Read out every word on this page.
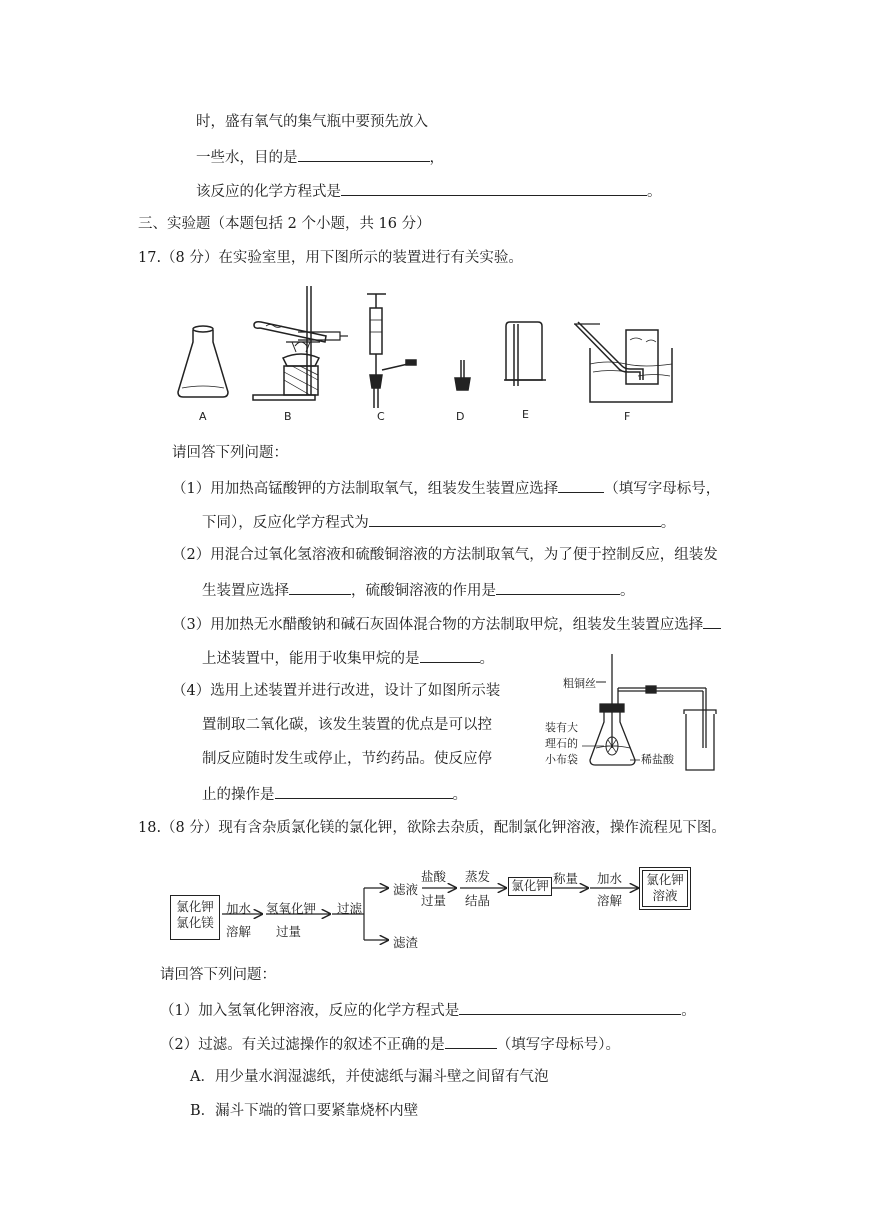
时，盛有氧气的集气瓶中要预先放入
一些水，目的是	，
该反应的化学方程式是	。
三、实验题（本题包括 2 个小题，共 16 分）
17.（8 分）在实验室里，用下图所示的装置进行有关实验。
A	B	C	D	E	F
请回答下列问题：
（1）用加热高锰酸钾的方法制取氧气，组装发生装置应选择	（填写字母标号，
下同），反应化学方程式为	。
（2）用混合过氧化氢溶液和硫酸铜溶液的方法制取氧气，为了便于控制反应，组装发
生装置应选择	，硫酸铜溶液的作用是	。
（3）用加热无水醋酸钠和碱石灰固体混合物的方法制取甲烷，组装发生装置应选择
上述装置中，能用于收集甲烷的是	。
（4）选用上述装置并进行改进，设计了如图所示装
置制取二氧化碳，该发生装置的优点是可以控
制反应随时发生或停止，节约药品。使反应停
止的操作是	。
粗铜丝
装有大
理石的
小布袋	稀盐酸
18.（8 分）现有含杂质氯化镁的氯化钾，欲除去杂质，配制氯化钾溶液，操作流程见下图。
氯化钾
氯化镁
加水
溶解
氢氧化钾
过量
过滤
滤液
滤渣
盐酸
过量
蒸发
结晶
氯化钾 称量 加水
溶解
氯化钾
溶液
请回答下列问题：
（1）加入氢氧化钾溶液，反应的化学方程式是	。
（2）过滤。有关过滤操作的叙述不正确的是	（填写字母标号）。
A．用少量水润湿滤纸，并使滤纸与漏斗壁之间留有气泡
B．漏斗下端的管口要紧靠烧杯内壁
